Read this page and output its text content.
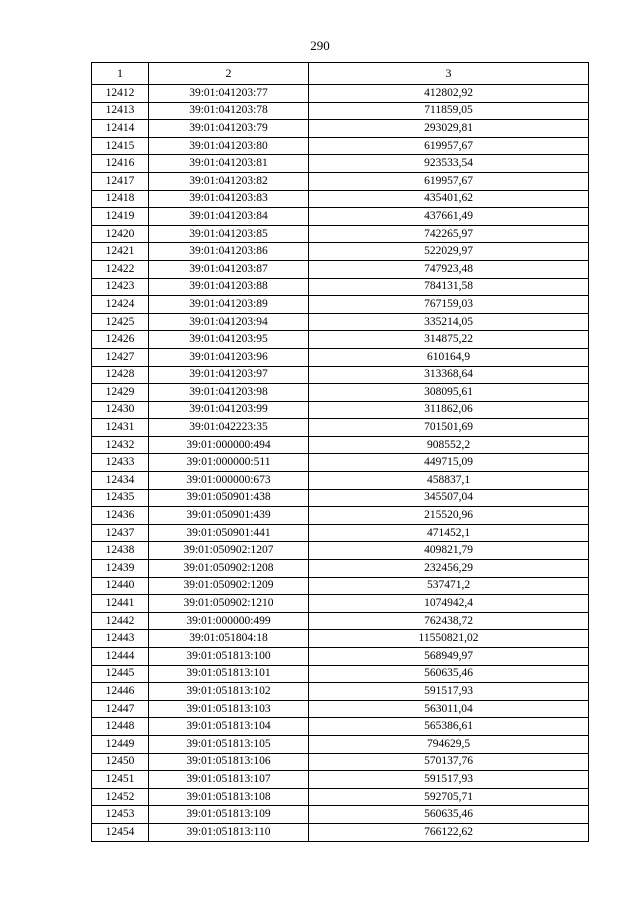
290
1	2	3
12412	39:01:041203:77	412802,92
12413	39:01:041203:78	711859,05
12414	39:01:041203:79	293029,81
12415	39:01:041203:80	619957,67
12416	39:01:041203:81	923533,54
12417	39:01:041203:82	619957,67
12418	39:01:041203:83	435401,62
12419	39:01:041203:84	437661,49
12420	39:01:041203:85	742265,97
12421	39:01:041203:86	522029,97
12422	39:01:041203:87	747923,48
12423	39:01:041203:88	784131,58
12424	39:01:041203:89	767159,03
12425	39:01:041203:94	335214,05
12426	39:01:041203:95	314875,22
12427	39:01:041203:96	610164,9
12428	39:01:041203:97	313368,64
12429	39:01:041203:98	308095,61
12430	39:01:041203:99	311862,06
12431	39:01:042223:35	701501,69
12432	39:01:000000:494	908552,2
12433	39:01:000000:511	449715,09
12434	39:01:000000:673	458837,1
12435	39:01:050901:438	345507,04
12436	39:01:050901:439	215520,96
12437	39:01:050901:441	471452,1
12438	39:01:050902:1207	409821,79
12439	39:01:050902:1208	232456,29
12440	39:01:050902:1209	537471,2
12441	39:01:050902:1210	1074942,4
12442	39:01:000000:499	762438,72
12443	39:01:051804:18	11550821,02
12444	39:01:051813:100	568949,97
12445	39:01:051813:101	560635,46
12446	39:01:051813:102	591517,93
12447	39:01:051813:103	563011,04
12448	39:01:051813:104	565386,61
12449	39:01:051813:105	794629,5
12450	39:01:051813:106	570137,76
12451	39:01:051813:107	591517,93
12452	39:01:051813:108	592705,71
12453	39:01:051813:109	560635,46
12454	39:01:051813:110	766122,62
